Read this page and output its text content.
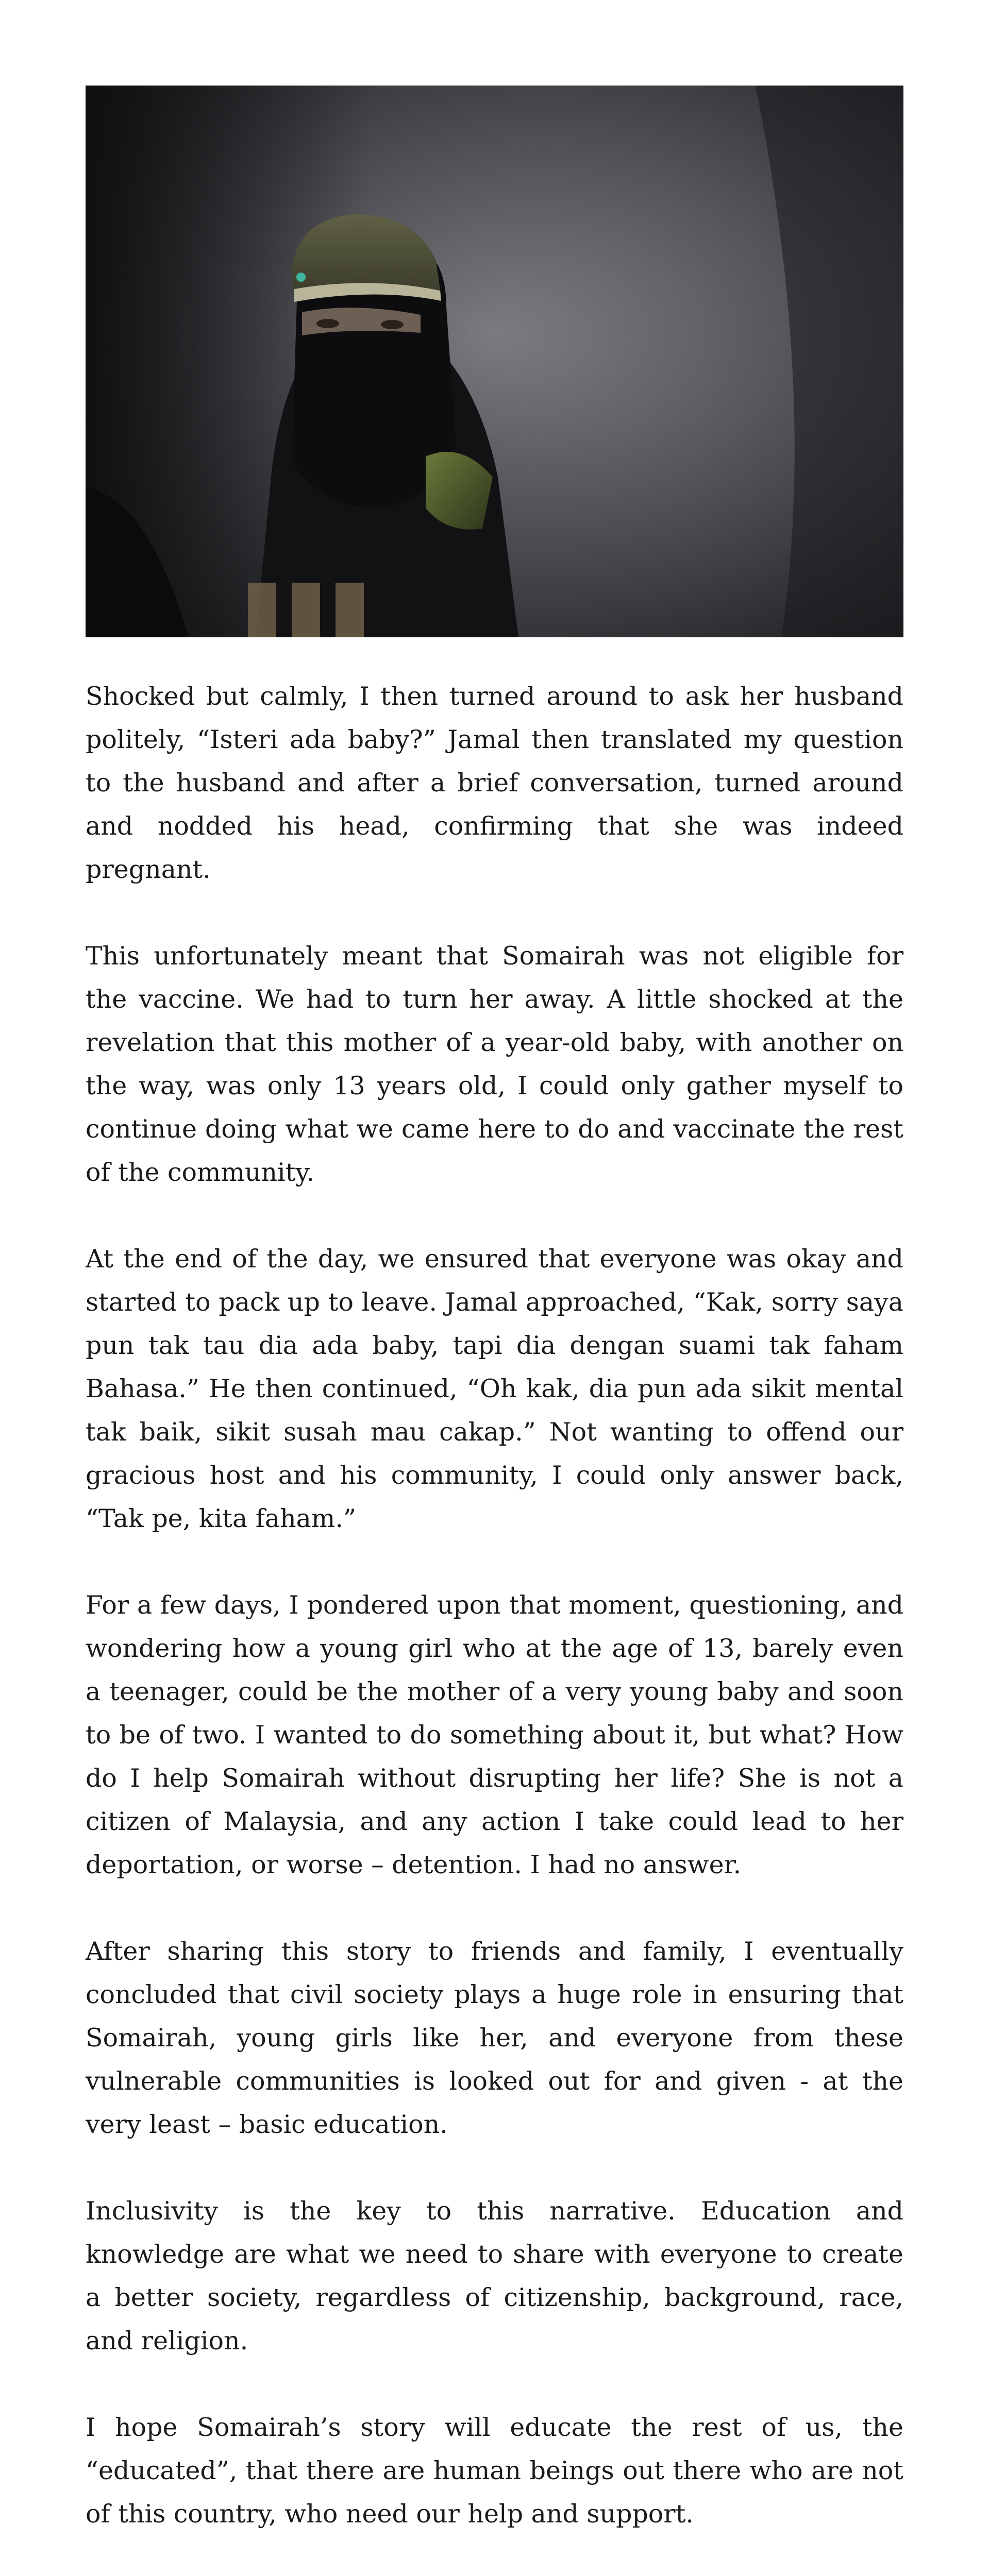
Shocked but calmly, I then turned around to ask her husband politely, “Isteri ada baby?” Jamal then translated my question to the husband and after a brief conversation, turned around and nodded his head, confirming that she was indeed pregnant.

This unfortunately meant that Somairah was not eligible for the vaccine. We had to turn her away. A little shocked at the revelation that this mother of a year-old baby, with another on the way, was only 13 years old, I could only gather myself to continue doing what we came here to do and vaccinate the rest of the community.

At the end of the day, we ensured that everyone was okay and started to pack up to leave. Jamal approached, “Kak, sorry saya pun tak tau dia ada baby, tapi dia dengan suami tak faham Bahasa.” He then continued, “Oh kak, dia pun ada sikit mental tak baik, sikit susah mau cakap.” Not wanting to offend our gracious host and his community, I could only answer back, “Tak pe, kita faham.”

For a few days, I pondered upon that moment, questioning, and wondering how a young girl who at the age of 13, barely even a teenager, could be the mother of a very young baby and soon to be of two. I wanted to do something about it, but what? How do I help Somairah without disrupting her life? She is not a citizen of Malaysia, and any action I take could lead to her deportation, or worse – detention. I had no answer.

After sharing this story to friends and family, I eventually concluded that civil society plays a huge role in ensuring that Somairah, young girls like her, and everyone from these vulnerable communities is looked out for and given - at the very least – basic education.

Inclusivity is the key to this narrative. Education and knowledge are what we need to share with everyone to create a better society, regardless of citizenship, background, race, and religion.

I hope Somairah’s story will educate the rest of us, the “educated”, that there are human beings out there who are not of this country, who need our help and support.
